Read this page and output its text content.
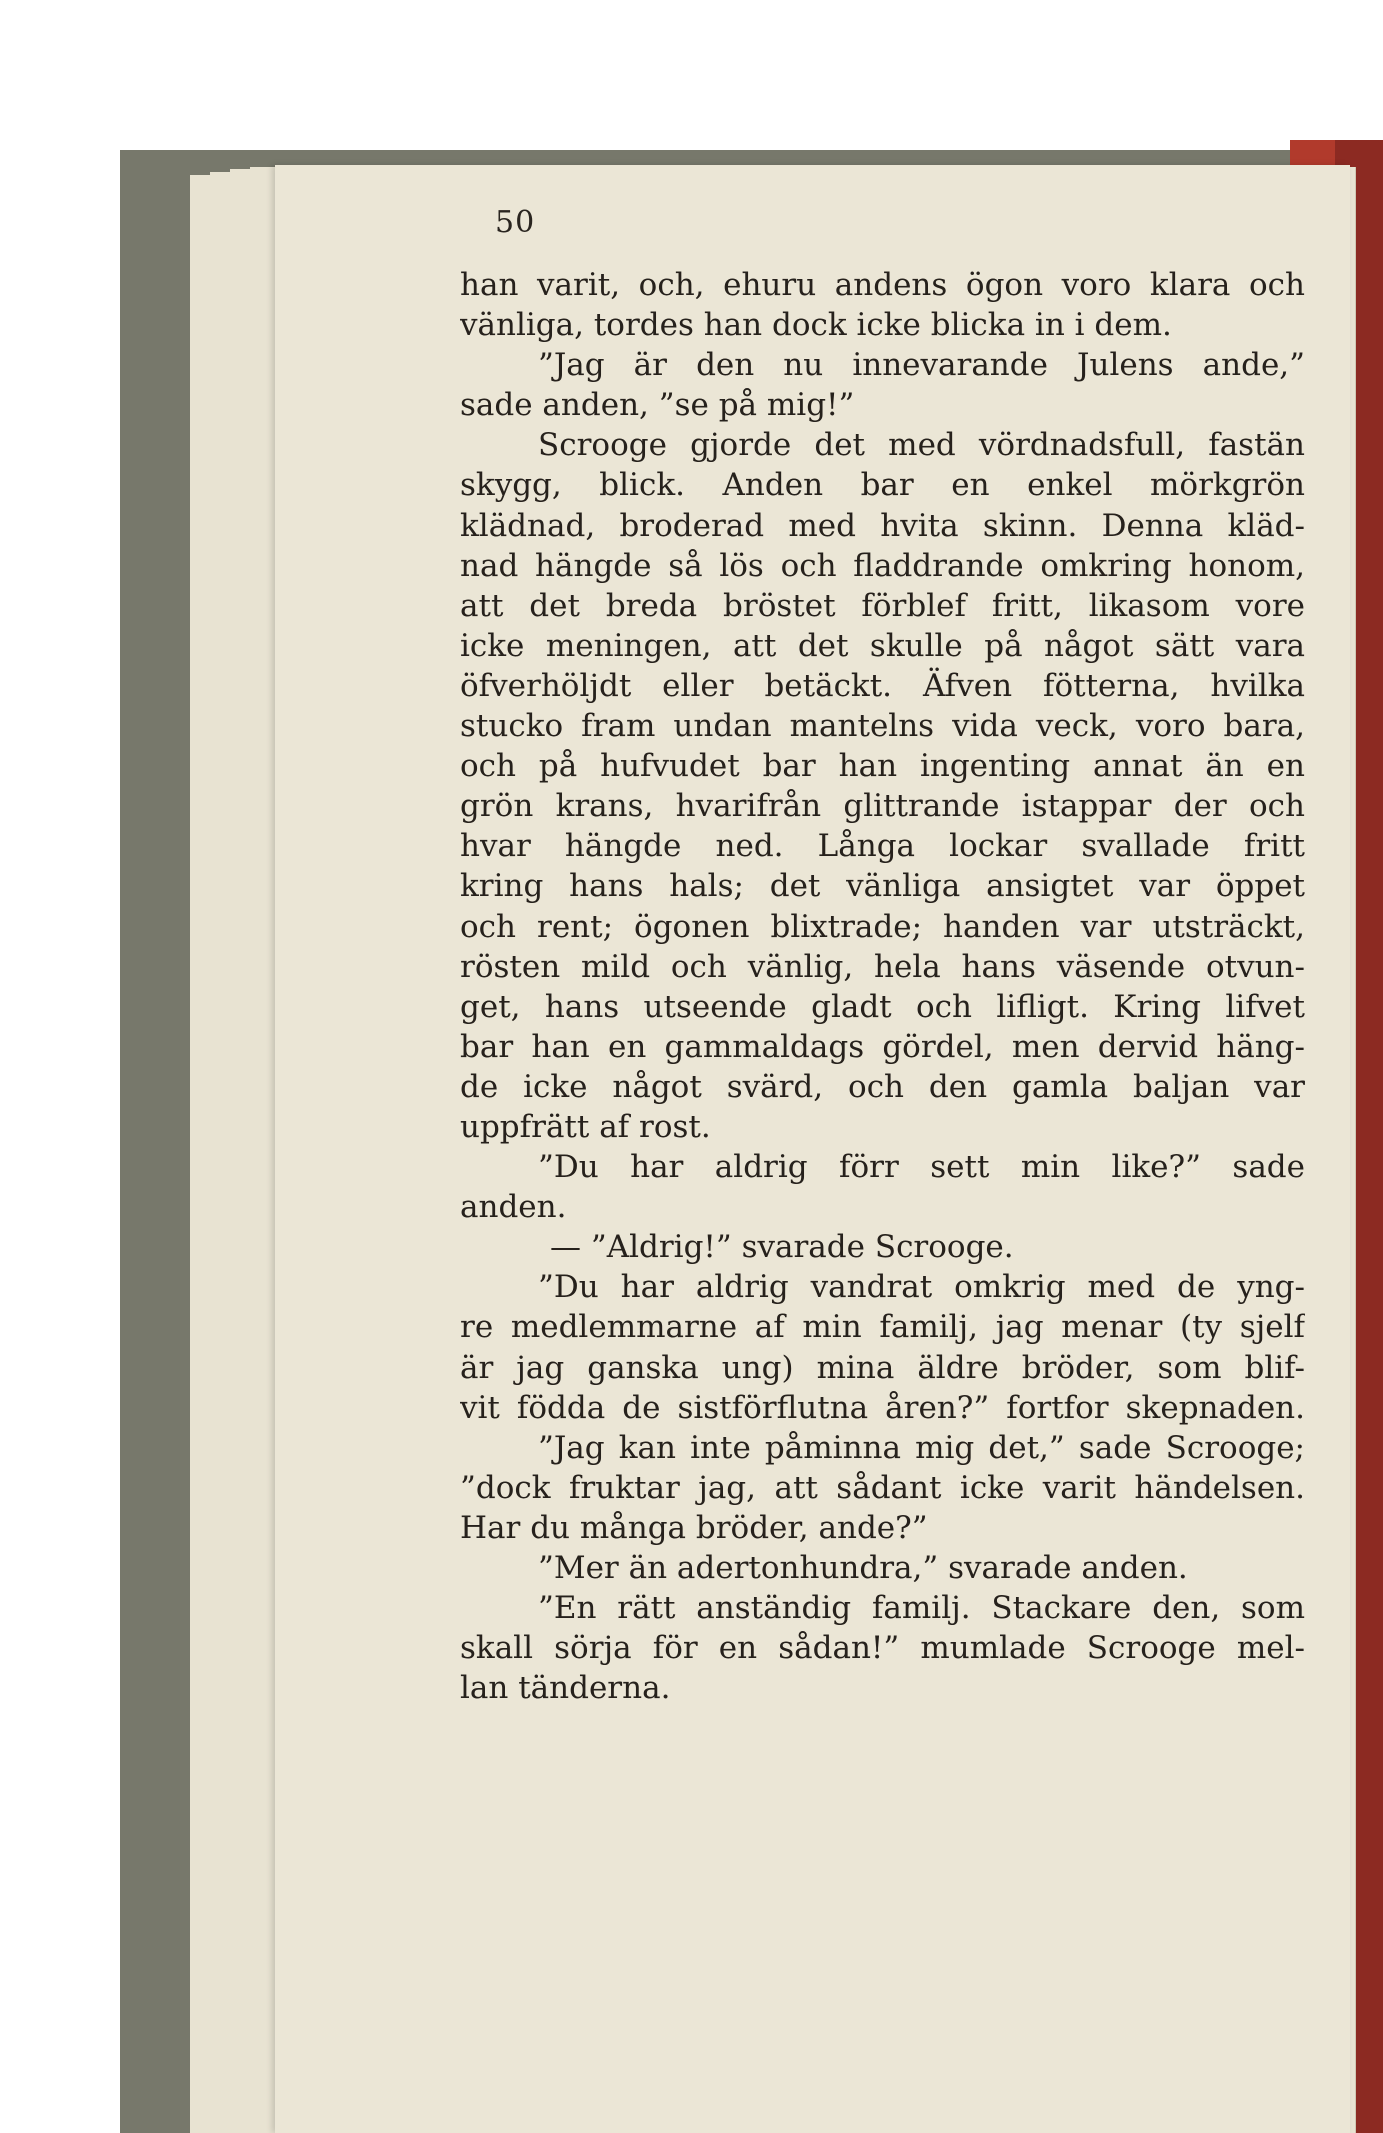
50
han varit, och, ehuru andens ögon voro klara och
vänliga, tordes han dock icke blicka in i dem.
”Jag är den nu innevarande Julens ande,”
sade anden, ”se på mig!”
Scrooge gjorde det med vördnadsfull, fastän
skygg, blick. Anden bar en enkel mörkgrön
klädnad, broderad med hvita skinn. Denna kläd-
nad hängde så lös och fladdrande omkring honom,
att det breda bröstet förblef fritt, likasom vore
icke meningen, att det skulle på något sätt vara
öfverhöljdt eller betäckt. Äfven fötterna, hvilka
stucko fram undan mantelns vida veck, voro bara,
och på hufvudet bar han ingenting annat än en
grön krans, hvarifrån glittrande istappar der och
hvar hängde ned. Långa lockar svallade fritt
kring hans hals; det vänliga ansigtet var öppet
och rent; ögonen blixtrade; handen var utsträckt,
rösten mild och vänlig, hela hans väsende otvun-
get, hans utseende gladt och lifligt. Kring lifvet
bar han en gammaldags gördel, men dervid häng-
de icke något svärd, och den gamla baljan var
uppfrätt af rost.
”Du har aldrig förr sett min like?” sade
anden.
— ”Aldrig!” svarade Scrooge.
”Du har aldrig vandrat omkrig med de yng-
re medlemmarne af min familj, jag menar (ty sjelf
är jag ganska ung) mina äldre bröder, som blif-
vit födda de sistförflutna åren?” fortfor skepnaden.
”Jag kan inte påminna mig det,” sade Scrooge;
”dock fruktar jag, att sådant icke varit händelsen.
Har du många bröder, ande?”
”Mer än adertonhundra,” svarade anden.
”En rätt anständig familj. Stackare den, som
skall sörja för en sådan!” mumlade Scrooge mel-
lan tänderna.
